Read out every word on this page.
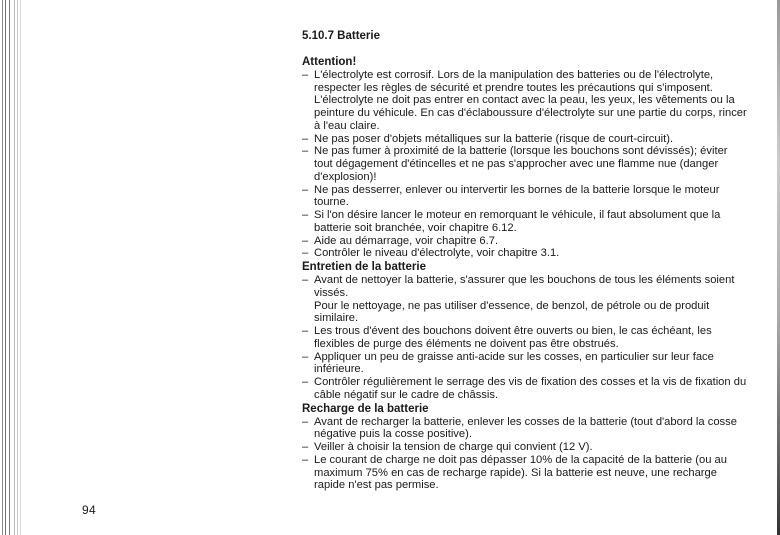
5.10.7 Batterie
Attention!
– L'électrolyte est corrosif. Lors de la manipulation des batteries ou de l'électrolyte, respecter les règles de sécurité et prendre toutes les précautions qui s'imposent. L'électrolyte ne doit pas entrer en contact avec la peau, les yeux, les vêtements ou la peinture du véhicule. En cas d'éclaboussure d'électrolyte sur une partie du corps, rincer à l'eau claire.
– Ne pas poser d'objets métalliques sur la batterie (risque de court-circuit).
– Ne pas fumer à proximité de la batterie (lorsque les bouchons sont dévissés); éviter tout dégagement d'étincelles et ne pas s'approcher avec une flamme nue (danger d'explosion)!
– Ne pas desserrer, enlever ou intervertir les bornes de la batterie lorsque le moteur tourne.
– Si l'on désire lancer le moteur en remorquant le véhicule, il faut absolument que la batterie soit branchée, voir chapitre 6.12.
– Aide au démarrage, voir chapitre 6.7.
– Contrôler le niveau d'électrolyte, voir chapitre 3.1.
Entretien de la batterie
– Avant de nettoyer la batterie, s'assurer que les bouchons de tous les éléments soient vissés.
Pour le nettoyage, ne pas utiliser d'essence, de benzol, de pétrole ou de produit similaire.
– Les trous d'évent des bouchons doivent être ouverts ou bien, le cas échéant, les flexibles de purge des éléments ne doivent pas être obstrués.
– Appliquer un peu de graisse anti-acide sur les cosses, en particulier sur leur face inférieure.
– Contrôler régulièrement le serrage des vis de fixation des cosses et la vis de fixation du câble négatif sur le cadre de châssis.
Recharge de la batterie
– Avant de recharger la batterie, enlever les cosses de la batterie (tout d'abord la cosse négative puis la cosse positive).
– Veiller à choisir la tension de charge qui convient (12 V).
– Le courant de charge ne doit pas dépasser 10% de la capacité de la batterie (ou au maximum 75% en cas de recharge rapide). Si la batterie est neuve, une recharge rapide n'est pas permise.
94
